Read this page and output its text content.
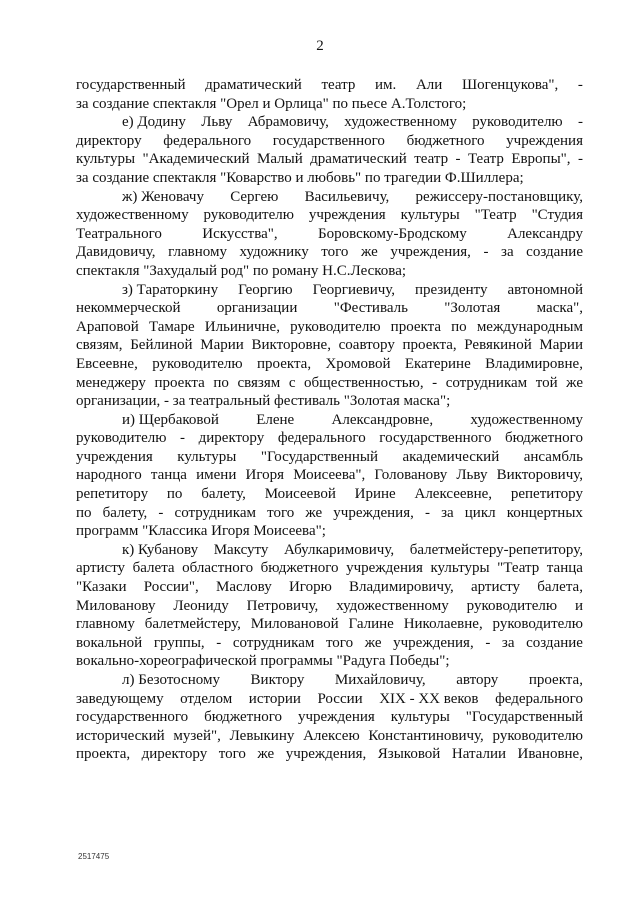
2
государственный драматический театр им. Али Шогенцукова", -
за создание спектакля "Орел и Орлица" по пьесе А.Толстого;
е) Додину Льву Абрамовичу, художественному руководителю -
директору федерального государственного бюджетного учреждения
культуры "Академический Малый драматический театр - Театр Европы", -
за создание спектакля "Коварство и любовь" по трагедии Ф.Шиллера;
ж) Женовачу Сергею Васильевичу, режиссеру-постановщику,
художественному руководителю учреждения культуры "Театр "Студия
Театрального	Искусства",	Боровскому-Бродскому	Александру
Давидовичу, главному художнику того же учреждения, - за создание
спектакля "Захудалый род" по роману Н.С.Лескова;
з) Тараторкину Георгию Георгиевичу, президенту автономной
некоммерческой организации "Фестиваль "Золотая маска",
Араповой Тамаре Ильиничне, руководителю проекта по международным
связям, Бейлиной Марии Викторовне, соавтору проекта, Ревякиной Марии
Евсеевне, руководителю проекта, Хромовой Екатерине Владимировне,
менеджеру проекта по связям с общественностью, - сотрудникам той же
организации, - за театральный фестиваль "Золотая маска";
и) Щербаковой Елене Александровне, художественному
руководителю - директору федерального государственного бюджетного
учреждения культуры "Государственный академический ансамбль
народного танца имени Игоря Моисеева", Голованову Льву Викторовичу,
репетитору по балету, Моисеевой Ирине Алексеевне, репетитору
по балету, - сотрудникам того же учреждения, - за цикл концертных
программ "Классика Игоря Моисеева";
к) Кубанову Максуту Абулкаримовичу, балетмейстеру-репетитору,
артисту балета областного бюджетного учреждения культуры "Театр танца
"Казаки России", Маслову Игорю Владимировичу, артисту балета,
Милованову Леониду Петровичу, художественному руководителю и
главному балетмейстеру, Миловановой Галине Николаевне, руководителю
вокальной группы, - сотрудникам того же учреждения, - за создание
вокально-хореографической программы "Радуга Победы";
л) Безотосному Виктору Михайловичу, автору проекта,
заведующему отделом истории России XIX - XX веков федерального
государственного бюджетного учреждения культуры "Государственный
исторический музей", Левыкину Алексею Константиновичу, руководителю
проекта, директору того же учреждения, Языковой Наталии Ивановне,
2517475
